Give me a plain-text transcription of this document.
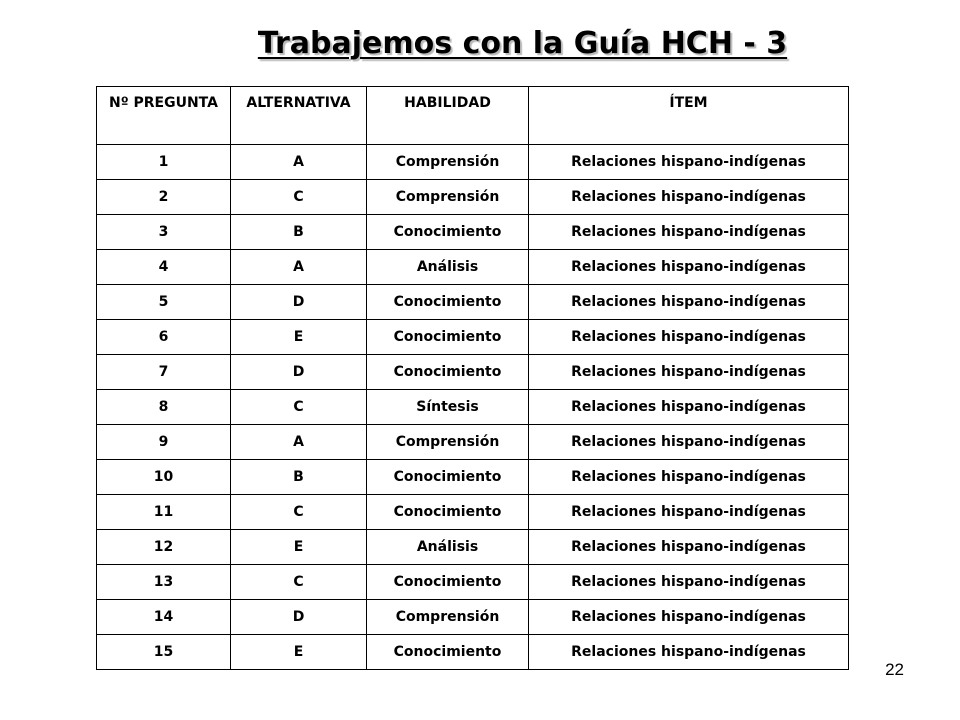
Trabajemos con la Guía HCH - 3
Nº PREGUNTA	ALTERNATIVA	HABILIDAD	ÍTEM
1	A	Comprensión	Relaciones hispano-indígenas
2	C	Comprensión	Relaciones hispano-indígenas
3	B	Conocimiento	Relaciones hispano-indígenas
4	A	Análisis	Relaciones hispano-indígenas
5	D	Conocimiento	Relaciones hispano-indígenas
6	E	Conocimiento	Relaciones hispano-indígenas
7	D	Conocimiento	Relaciones hispano-indígenas
8	C	Síntesis	Relaciones hispano-indígenas
9	A	Comprensión	Relaciones hispano-indígenas
10	B	Conocimiento	Relaciones hispano-indígenas
11	C	Conocimiento	Relaciones hispano-indígenas
12	E	Análisis	Relaciones hispano-indígenas
13	C	Conocimiento	Relaciones hispano-indígenas
14	D	Comprensión	Relaciones hispano-indígenas
15	E	Conocimiento	Relaciones hispano-indígenas
22
